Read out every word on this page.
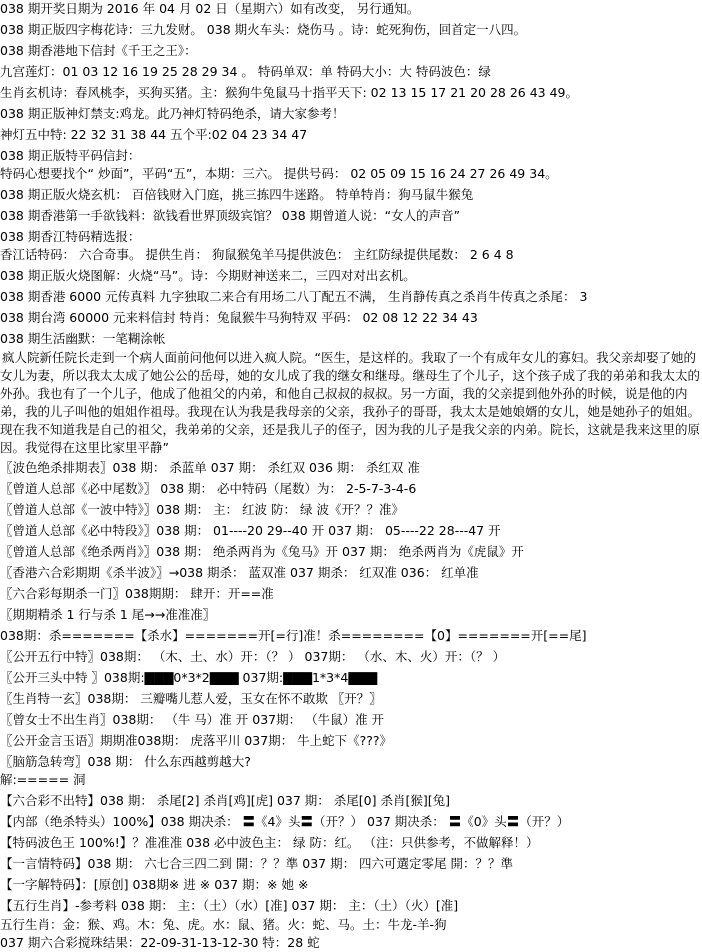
038 期开奖日期为 2016 年 04 月 02 日（星期六）如有改变， 另行通知。
038 期正版四字梅花诗：三九发财。 038 期火车头：烧伤马 。诗：蛇死狗伤，回首定一八四。
038 期香港地下信封《千王之王》：
九宫莲灯：01 03 12 16 19 25 28 29 34 。 特码单双：单 特码大小：大 特码波色：绿
生肖玄机诗：春风桃李，买狗买猪。主：猴狗牛兔鼠马十指平天下: 02 13 15 17 21 20 28 26 43 49。
038 期正版神灯禁支:鸡龙。此乃神灯特码绝杀，请大家参考！
神灯五中特: 22 32 31 38 44 五个平:02 04 23 34 47
038 期正版特平码信封：
特码心想要找个“ 炒面”，平码“五”，本期：三六。 提供号码： 02 05 09 15 16 24 27 26 49 34。
038 期正版火烧玄机： 百倍钱财入门庭，挑三拣四牛迷路。 特单特肖：狗马鼠牛猴兔
038 期香港第一手欲钱料：欲钱看世界顶级宾馆？ 038 期曾道人说：“女人的声音”
038 期香江特码精选报：
香江话特码： 六合奇事。 提供生肖： 狗鼠猴兔羊马提供波色： 主红防绿提供尾数： 2 6 4 8
038 期正版火烧图解：火烧“马”。诗：今期财神送来二，三四对对出玄机。
038 期香港 6000 元传真料 九字独取二来合有用场二八丁配五不满， 生肖静传真之杀肖牛传真之杀尾： 3
038 期台湾 60000 元来料信封 特肖：兔鼠猴牛马狗特双 平码： 02 08 12 22 34 43
038 期生活幽默：一笔糊涂帐
疯人院新任院长走到一个病人面前问他何以进入疯人院。“医生，是这样的。我取了一个有成年女儿的寡妇。我父亲却娶了她的女儿为妻，所以我太太成了她公公的岳母，她的女儿成了我的继女和继母。继母生了个儿子，这个孩子成了我的弟弟和我太太的外孙。我也有了一个儿子，他成了他祖父的内弟，和他自己叔叔的叔叔。另一方面，我的父亲提到他外孙的时候，说是他的内弟，我的儿子叫他的姐姐作祖母。我现在认为我是我母亲的父亲，我孙子的哥哥，我太太是她娘婿的女儿，她是她孙子的姐姐。现在我不知道我是自己的祖父，我弟弟的父亲，还是我儿子的侄子，因为我的儿子是我父亲的内弟。院长，这就是我来这里的原因。我觉得在这里比家里平静”
〖波色绝杀排期表〗038 期： 杀蓝单 037 期： 杀红双 036 期： 杀红双 准
〖曾道人总部《必中尾数》〗 038 期： 必中特码（尾数）为： 2-5-7-3-4-6
〖曾道人总部《一波中特》〗038 期： 主： 红波 防： 绿 波《开？？准》
〖曾道人总部《必中特段》〗038 期： 01----20 29--40 开 037 期： 05----22 28---47 开
〖曾道人总部《绝杀两肖》〗038 期： 绝杀两肖为《兔马》开 037 期： 绝杀两肖为《虎鼠》开
〖香港六合彩期期《杀半波》〗→038 期杀： 蓝双准 037 期杀： 红双准 036： 红单准
〖六合彩每期杀一门〗038期期： 肆开：开==准
〖期期精杀 1 行与杀 1 尾→→准准准〗
038期：杀=======【杀水】=======开[=行]准！杀========【0】=======开[==尾]
〖公开五行中特〗038期： （木、土、水）开：（？ ） 037期： （水、木、火）开：（？ ）
〖公开三头中特 〗038期:▇▇▇0*3*2▇▇▇ 037期:▇▇▇1*3*4▇▇▇
〖生肖特一玄〗038期： 三瓣嘴儿惹人爱，玉女在怀不敢欺 〖开？〗
〖曾女士不出生肖〗038期： （牛 马）准 开 037期： （牛鼠）准 开
〖公开金言玉语〗期期准038期： 虎落平川 037期： 牛上蛇下《???》
〖脑筋急转弯〗038 期： 什么东西越剪越大?
解:===== 洞
【六合彩不出特】038 期： 杀尾[2] 杀肖[鸡][虎] 037 期： 杀尾[0] 杀肖[猴][兔]
【内部（绝杀特头）100%】038 期决杀： 〓《4》头〓（开？） 037 期决杀： 〓《0》头〓（开？）
【特码波色王 100%!】？准准准 038 必中波色主： 绿 防：红。 （注：只供参考，不做解释！）
【一言情特码】038 期： 六七合三四二到 開：？？準 037 期： 四六可選定零尾 開：？？準
【一字解特码】：[原创] 038期※ 进 ※ 037 期：※ 她 ※
【五行生肖】-参考料 038 期： 主：（土）（水）[准] 037 期： 主：（土）（火）[准]
五行生肖：金：猴、鸡。木：兔、虎。水：鼠、猪。火：蛇、马。土：牛龙-羊-狗
037 期六合彩搅珠结果：22-09-31-13-12-30 特：28 蛇
